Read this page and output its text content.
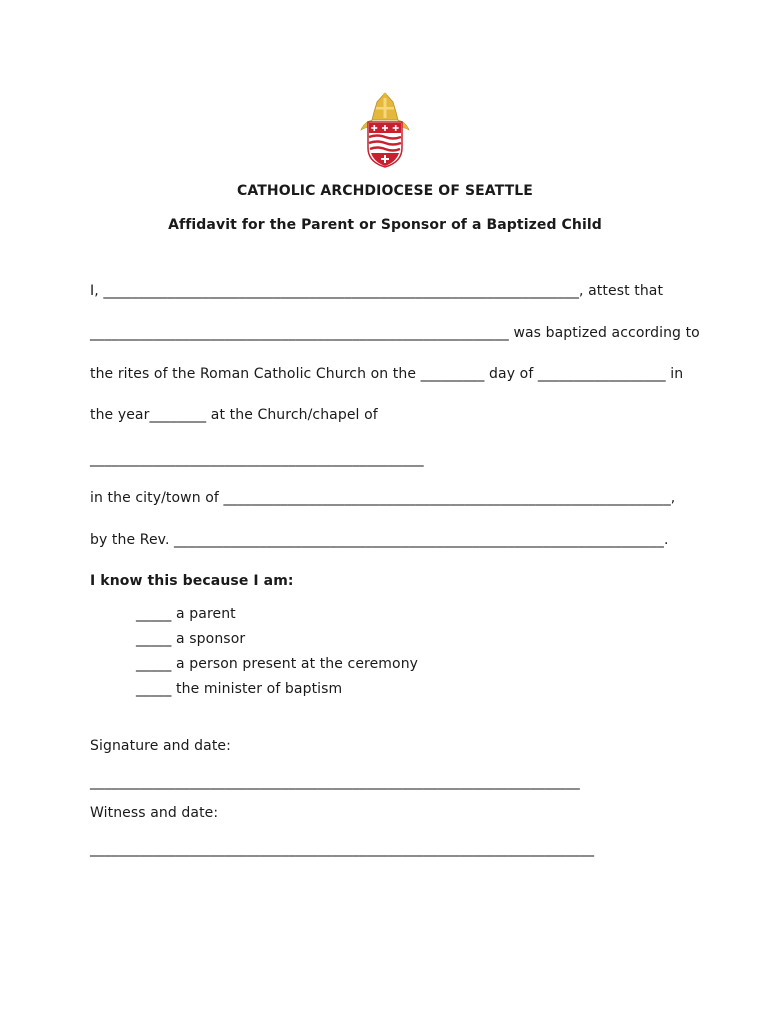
CATHOLIC ARCHDIOCESE OF SEATTLE
Affidavit for the Parent or Sponsor of a Baptized Child
I, ___________________________________________________________________, attest that
___________________________________________________________ was baptized according to
the rites of the Roman Catholic Church on the _________ day of __________________ in
the year________ at the Church/chapel of
_______________________________________________
in the city/town of _______________________________________________________________,
by the Rev. _____________________________________________________________________.
I know this because I am:
_____ a parent
_____ a sponsor
_____ a person present at the ceremony
_____ the minister of baptism
Signature and date:
_____________________________________________________________________
Witness and date:
_______________________________________________________________________
